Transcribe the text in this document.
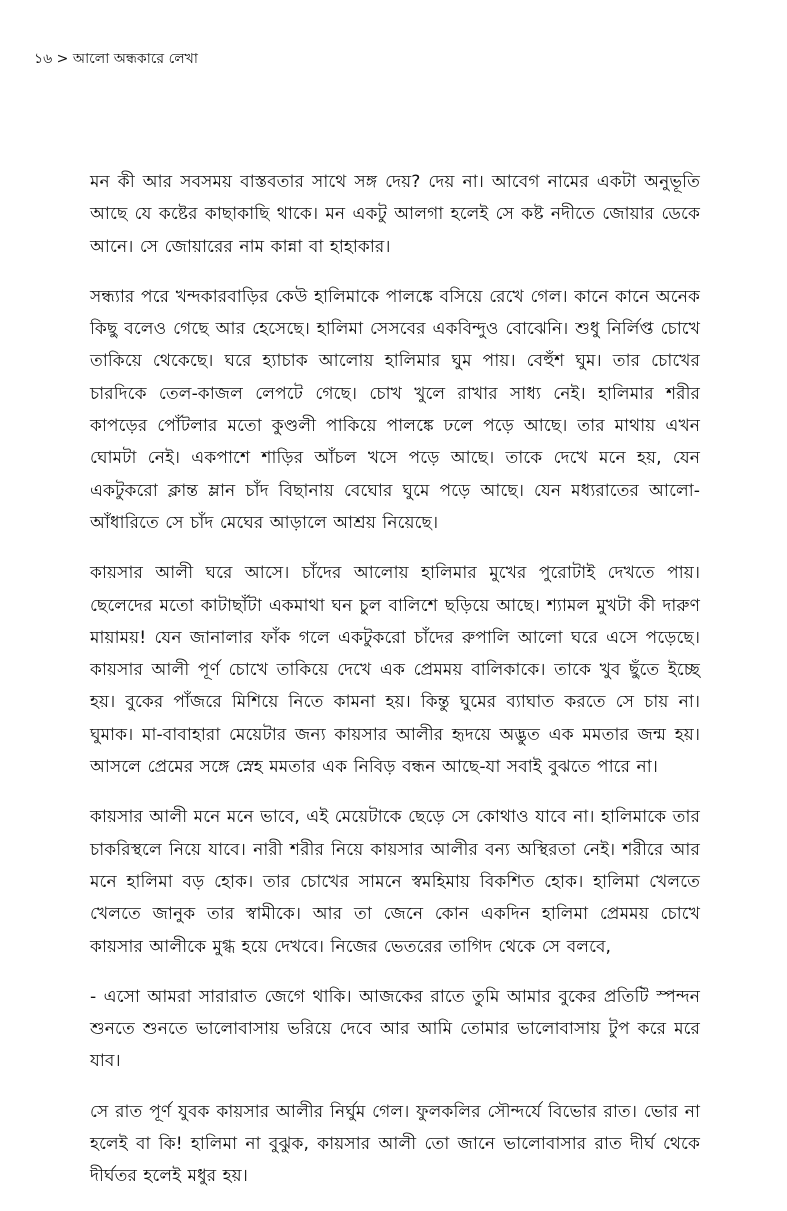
১৬ > আলো অন্ধকারে লেখা

মন কী আর সবসময় বাস্তবতার সাথে সঙ্গ দেয়? দেয় না। আবেগ নামের একটা অনুভূতি আছে যে কষ্টের কাছাকাছি থাকে। মন একটু আলগা হলেই সে কষ্ট নদীতে জোয়ার ডেকে আনে। সে জোয়ারের নাম কান্না বা হাহাকার।

সন্ধ্যার পরে খন্দকারবাড়ির কেউ হালিমাকে পালঙ্কে বসিয়ে রেখে গেল। কানে কানে অনেক কিছু বলেও গেছে আর হেসেছে। হালিমা সেসবের একবিন্দুও বোঝেনি। শুধু নির্লিপ্ত চোখে তাকিয়ে থেকেছে। ঘরে হ্যাচাক আলোয় হালিমার ঘুম পায়। বেহুঁশ ঘুম। তার চোখের চারদিকে তেল-কাজল লেপটে গেছে। চোখ খুলে রাখার সাধ্য নেই। হালিমার শরীর কাপড়ের পোঁটলার মতো কুণ্ডলী পাকিয়ে পালঙ্কে ঢলে পড়ে আছে। তার মাথায় এখন ঘোমটা নেই। একপাশে শাড়ির আঁচল খসে পড়ে আছে। তাকে দেখে মনে হয়, যেন একটুকরো ক্লান্ত ম্লান চাঁদ বিছানায় বেঘোর ঘুমে পড়ে আছে। যেন মধ্যরাতের আলো-আঁধারিতে সে চাঁদ মেঘের আড়ালে আশ্রয় নিয়েছে।

কায়সার আলী ঘরে আসে। চাঁদের আলোয় হালিমার মুখের পুরোটাই দেখতে পায়। ছেলেদের মতো কাটাছাঁটা একমাথা ঘন চুল বালিশে ছড়িয়ে আছে। শ্যামল মুখটা কী দারুণ মায়াময়! যেন জানালার ফাঁক গলে একটুকরো চাঁদের রুপালি আলো ঘরে এসে পড়েছে। কায়সার আলী পূর্ণ চোখে তাকিয়ে দেখে এক প্রেমময় বালিকাকে। তাকে খুব ছুঁতে ইচ্ছে হয়। বুকের পাঁজরে মিশিয়ে নিতে কামনা হয়। কিন্তু ঘুমের ব্যাঘাত করতে সে চায় না। ঘুমাক। মা-বাবাহারা মেয়েটার জন্য কায়সার আলীর হৃদয়ে অদ্ভুত এক মমতার জন্ম হয়। আসলে প্রেমের সঙ্গে স্নেহ মমতার এক নিবিড় বন্ধন আছে-যা সবাই বুঝতে পারে না।

কায়সার আলী মনে মনে ভাবে, এই মেয়েটাকে ছেড়ে সে কোথাও যাবে না। হালিমাকে তার চাকরিস্থলে নিয়ে যাবে। নারী শরীর নিয়ে কায়সার আলীর বন্য অস্থিরতা নেই। শরীরে আর মনে হালিমা বড় হোক। তার চোখের সামনে স্বমহিমায় বিকশিত হোক। হালিমা খেলতে খেলতে জানুক তার স্বামীকে। আর তা জেনে কোন একদিন হালিমা প্রেমময় চোখে কায়সার আলীকে মুগ্ধ হয়ে দেখবে। নিজের ভেতরের তাগিদ থেকে সে বলবে,

- এসো আমরা সারারাত জেগে থাকি। আজকের রাতে তুমি আমার বুকের প্রতিটি স্পন্দন শুনতে শুনতে ভালোবাসায় ভরিয়ে দেবে আর আমি তোমার ভালোবাসায় টুপ করে মরে যাব।

সে রাত পূর্ণ যুবক কায়সার আলীর নির্ঘুম গেল। ফুলকলির সৌন্দর্যে বিভোর রাত। ভোর না হলেই বা কি! হালিমা না বুঝুক, কায়সার আলী তো জানে ভালোবাসার রাত দীর্ঘ থেকে দীর্ঘতর হলেই মধুর হয়।
